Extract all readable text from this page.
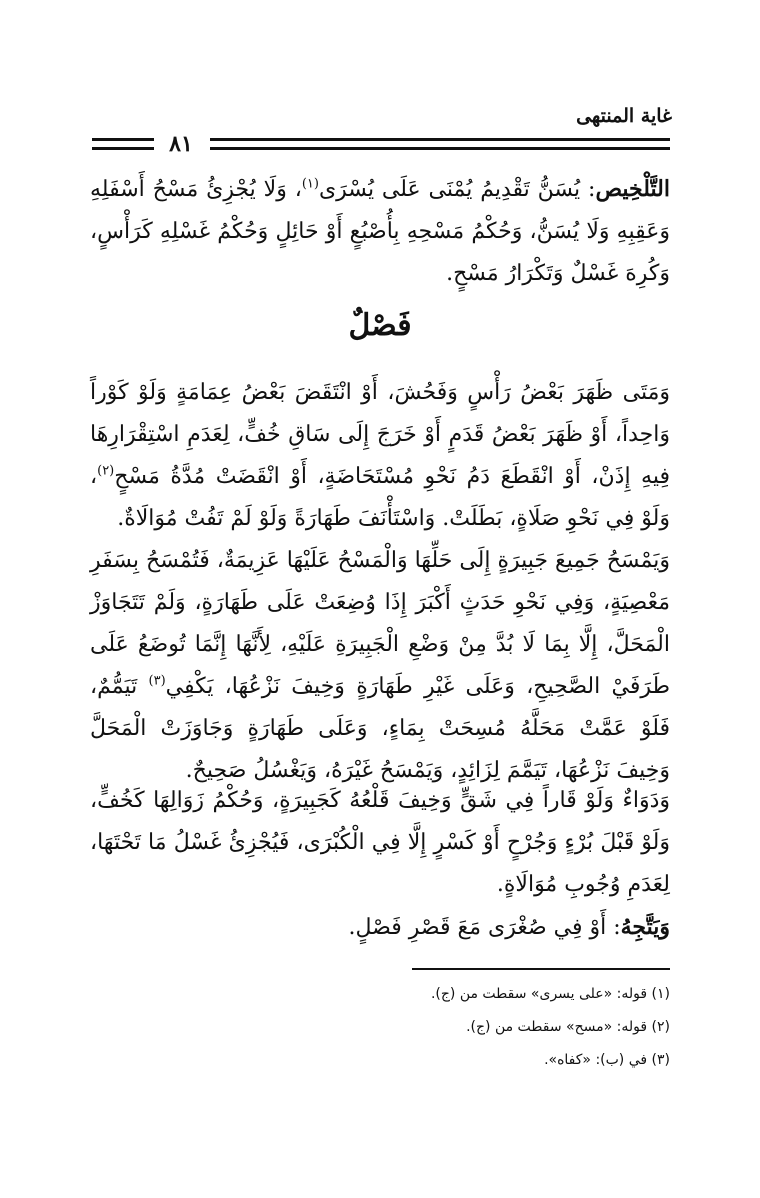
غاية المنتهى
٨١

التَّلْخِيص: يُسَنُّ تَقْدِيمُ يُمْنَى عَلَى يُسْرَى$^{(١)}$، وَلَا يُجْزِئُ مَسْحُ أَسْفَلِهِ وَعَقِبِهِ وَلَا يُسَنُّ، وَحُكْمُ مَسْحِهِ بِأُصْبُعٍ أَوْ حَائِلٍ وَحُكْمُ غَسْلِهِ كَرَأْسٍ، وَكُرِهَ غَسْلٌ وَتَكْرَارُ مَسْحٍ.

فَصْلٌ

وَمَتَى ظَهَرَ بَعْضُ رَأْسٍ وَفَحُشَ، أَوْ انْتَقَضَ بَعْضُ عِمَامَةٍ وَلَوْ كَوْراً وَاحِداً، أَوْ ظَهَرَ بَعْضُ قَدَمٍ أَوْ خَرَجَ إِلَى سَاقِ خُفٍّ، لِعَدَمِ اسْتِقْرَارِهَا فِيهِ إِذَنْ، أَوْ انْقَطَعَ دَمُ نَحْوِ مُسْتَحَاضَةٍ، أَوْ انْقَضَتْ مُدَّةُ مَسْحٍ$^{(٢)}$، وَلَوْ فِي نَحْوِ صَلَاةٍ، بَطَلَتْ. وَاسْتَأْنَفَ طَهَارَةً وَلَوْ لَمْ تَفُتْ مُوَالَاةٌ.

وَيَمْسَحُ جَمِيعَ جَبِيرَةٍ إِلَى حَلِّهَا وَالْمَسْحُ عَلَيْهَا عَزِيمَةٌ، فَتُمْسَحُ بِسَفَرِ مَعْصِيَةٍ، وَفِي نَحْوِ حَدَثٍ أَكْبَرَ إِذَا وُضِعَتْ عَلَى طَهَارَةٍ، وَلَمْ تَتَجَاوَزْ الْمَحَلَّ، إِلَّا بِمَا لَا بُدَّ مِنْ وَضْعِ الْجَبِيرَةِ عَلَيْهِ، لِأَنَّهَا إِنَّمَا تُوضَعُ عَلَى طَرَفَيْ الصَّحِيحِ، وَعَلَى غَيْرِ طَهَارَةٍ وَخِيفَ نَزْعُهَا، يَكْفِي$^{(٣)}$ تَيَمُّمٌ، فَلَوْ عَمَّتْ مَحَلَّهُ مُسِحَتْ بِمَاءٍ، وَعَلَى طَهَارَةٍ وَجَاوَزَتْ الْمَحَلَّ وَخِيفَ نَزْعُهَا، تَيَمَّمَ لِزَائِدٍ، وَيَمْسَحُ غَيْرَهُ، وَيَغْسُلُ صَحِيحٌ.

وَدَوَاءٌ وَلَوْ قَاراً فِي شَقٍّ وَخِيفَ قَلْعُهُ كَجَبِيرَةٍ، وَحُكْمُ زَوَالِهَا كَخُفٍّ، وَلَوْ قَبْلَ بُرْءٍ وَجُرْحٍ أَوْ كَسْرٍ إِلَّا فِي الْكُبْرَى، فَيُجْزِئُ غَسْلُ مَا تَحْتَهَا، لِعَدَمِ وُجُوبِ مُوَالَاةٍ.

وَيَتَّجِهُ: أَوْ فِي صُغْرَى مَعَ قَصْرِ فَصْلٍ.

(١) قوله: «على يسرى» سقطت من (ج).
(٢) قوله: «مسح» سقطت من (ج).
(٣) في (ب): «كفاه».
